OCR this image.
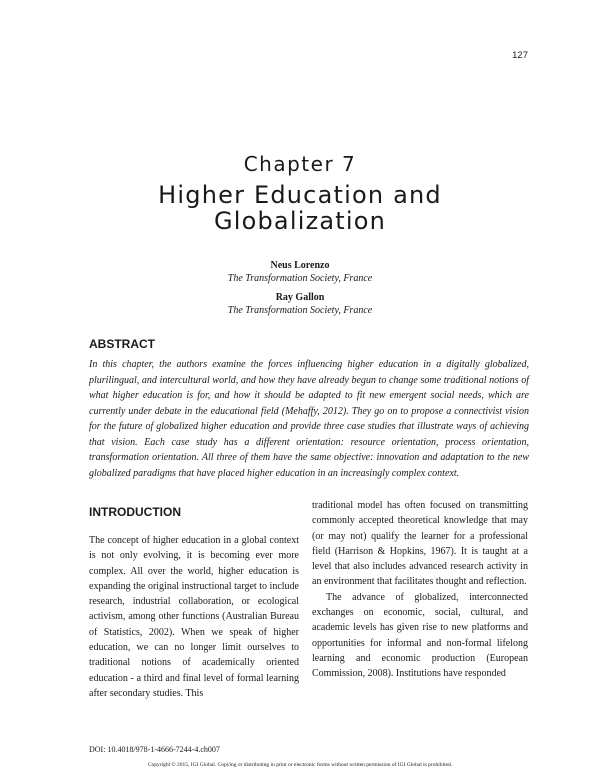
127
Chapter 7
Higher Education and Globalization
Neus Lorenzo
The Transformation Society, France
Ray Gallon
The Transformation Society, France
ABSTRACT

In this chapter, the authors examine the forces influencing higher education in a digitally globalized, plurilingual, and intercultural world, and how they have already begun to change some traditional notions of what higher education is for, and how it should be adapted to fit new emergent social needs, which are currently under debate in the educational field (Mehaffy, 2012). They go on to propose a connectivist vision for the future of globalized higher education and provide three case studies that illustrate ways of achieving that vision. Each case study has a different orientation: resource orientation, process orientation, transformation orientation. All three of them have the same objective: innovation and adaptation to the new globalized paradigms that have placed higher education in an increasingly complex context.

INTRODUCTION

The concept of higher education in a global context is not only evolving, it is becoming ever more complex. All over the world, higher education is expanding the original instructional target to include research, industrial collaboration, or ecological activism, among other functions (Australian Bureau of Statistics, 2002). When we speak of higher education, we can no longer limit ourselves to traditional notions of academically oriented education - a third and final level of formal learning after secondary studies. This

traditional model has often focused on transmitting commonly accepted theoretical knowledge that may (or may not) qualify the learner for a professional field (Harrison & Hopkins, 1967). It is taught at a level that also includes advanced research activity in an environment that facilitates thought and reflection.

The advance of globalized, interconnected exchanges on economic, social, cultural, and academic levels has given rise to new platforms and opportunities for informal and non-formal lifelong learning and economic production (European Commission, 2008). Institutions have responded

DOI: 10.4018/978-1-4666-7244-4.ch007
Copyright © 2015, IGI Global. Copying or distributing in print or electronic forms without written permission of IGI Global is prohibited.
